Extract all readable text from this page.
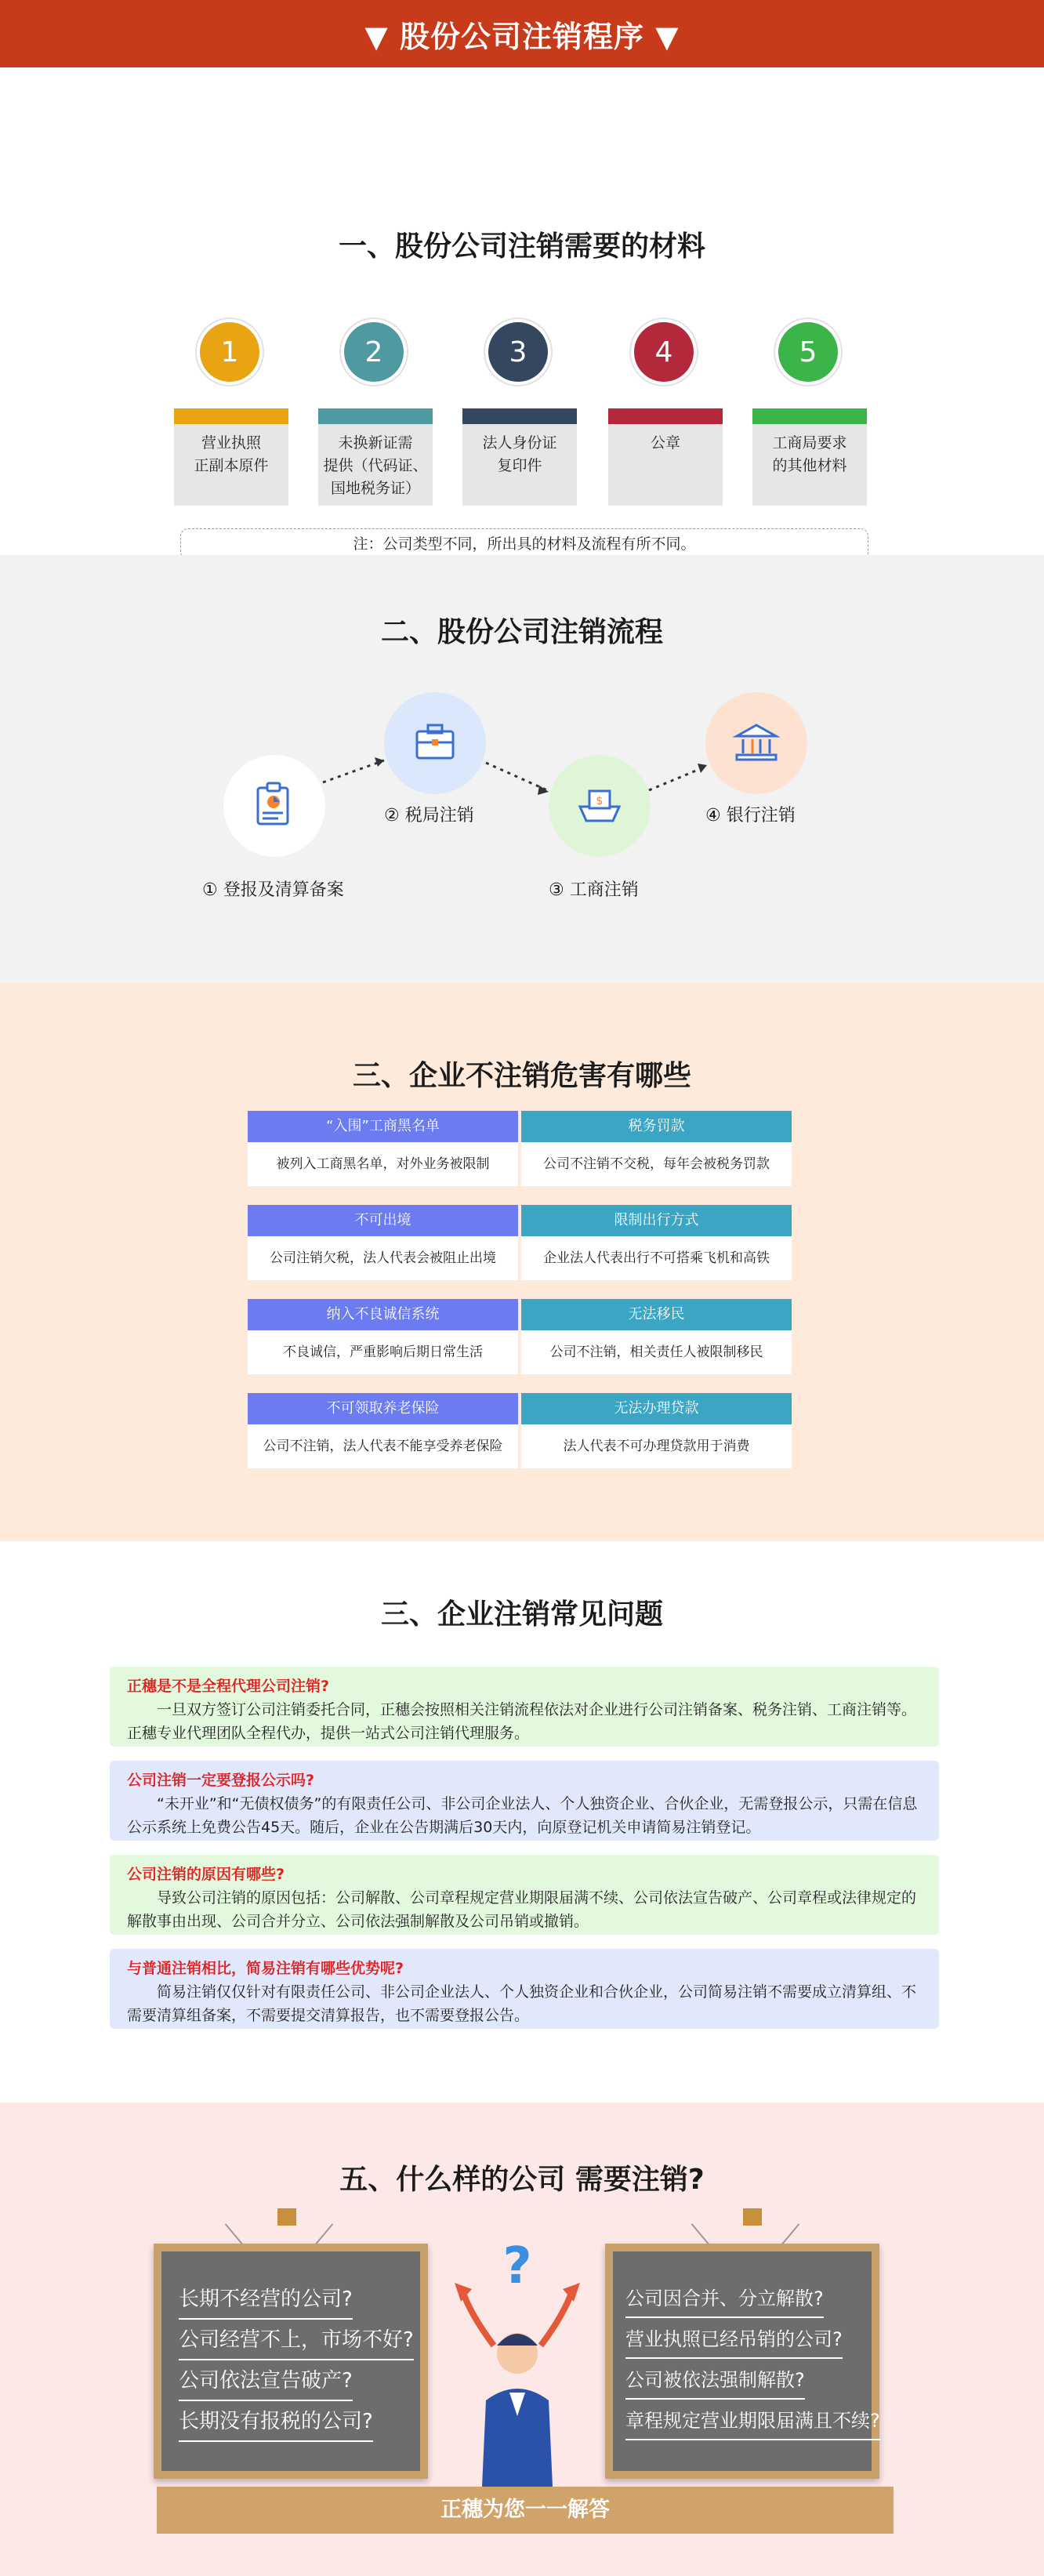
▼ 股份公司注销程序 ▼
一、股份公司注销需要的材料
1
营业执照
正副本原件
2
未换新证需
提供（代码证、
国地税务证）
3
法人身份证
复印件
4
公章
5
工商局要求
的其他材料
注：公司类型不同，所出具的材料及流程有所不同。
二、股份公司注销流程
① 登报及清算备案
② 税局注销
$
③ 工商注销
④ 银行注销
三、企业不注销危害有哪些
“入围”工商黑名单
被列入工商黑名单，对外业务被限制
税务罚款
公司不注销不交税，每年会被税务罚款
不可出境
公司注销欠税，法人代表会被阻止出境
限制出行方式
企业法人代表出行不可搭乘飞机和高铁
纳入不良诚信系统
不良诚信，严重影响后期日常生活
无法移民
公司不注销，相关责任人被限制移民
不可领取养老保险
公司不注销，法人代表不能享受养老保险
无法办理贷款
法人代表不可办理贷款用于消费
三、企业注销常见问题
正穗是不是全程代理公司注销?
一旦双方签订公司注销委托合同，正穗会按照相关注销流程依法对企业进行公司注销备案、税务注销、工商注销等。正穗专业代理团队全程代办，提供一站式公司注销代理服务。
公司注销一定要登报公示吗?
“未开业”和“无债权债务”的有限责任公司、非公司企业法人、个人独资企业、合伙企业，无需登报公示，只需在信息公示系统上免费公告45天。随后，企业在公告期满后30天内，向原登记机关申请简易注销登记。
公司注销的原因有哪些?
导致公司注销的原因包括：公司解散、公司章程规定营业期限届满不续、公司依法宣告破产、公司章程或法律规定的解散事由出现、公司合并分立、公司依法强制解散及公司吊销或撤销。
与普通注销相比，简易注销有哪些优势呢?
简易注销仅仅针对有限责任公司、非公司企业法人、个人独资企业和合伙企业，公司简易注销不需要成立清算组、不需要清算组备案，不需要提交清算报告，也不需要登报公告。
五、什么样的公司 需要注销?
长期不经营的公司?
公司经营不上，市场不好?
公司依法宣告破产?
长期没有报税的公司?
公司因合并、分立解散?
营业执照已经吊销的公司?
公司被依法强制解散?
章程规定营业期限届满且不续?
?
正穗为您一一解答
